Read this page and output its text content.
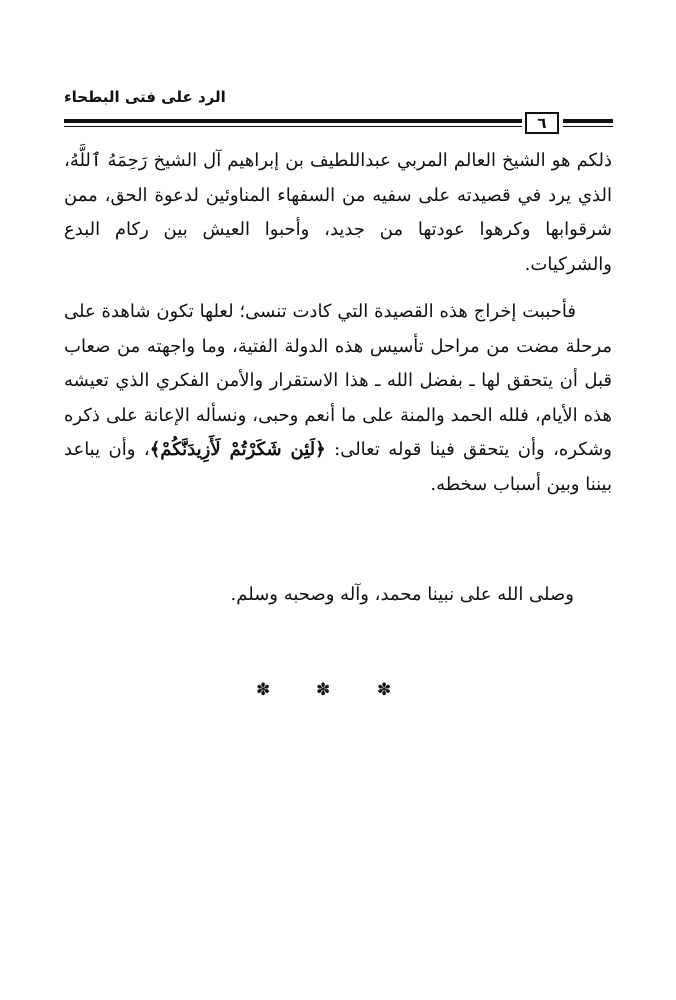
الرد على فتى البطحاء
٦

ذلكم هو الشيخ العالم المربي عبداللطيف بن إبراهيم آل الشيخ رَحِمَهُ ٱللَّهُ، الذي يرد في قصيدته على سفيه من السفهاء المناوئين لدعوة الحق، ممن شرقوابها وكرهوا عودتها من جديد، وأحبوا العيش بين ركام البدع والشركيات.

فأحببت إخراج هذه القصيدة التي كادت تنسى؛ لعلها تكون شاهدة على مرحلة مضت من مراحل تأسيس هذه الدولة الفتية، وما واجهته من صعاب قبل أن يتحقق لها ـ بفضل الله ـ هذا الاستقرار والأمن الفكري الذي تعيشه هذه الأيام، فلله الحمد والمنة على ما أنعم وحبى، ونسأله الإعانة على ذكره وشكره، وأن يتحقق فينا قوله تعالى: ﴿لَئِن شَكَرْتُمْ لَأَزِيدَنَّكُمْ﴾، وأن يباعد بيننا وبين أسباب سخطه.

وصلى الله على نبينا محمد، وآله وصحبه وسلم.
✽
✽
✽
